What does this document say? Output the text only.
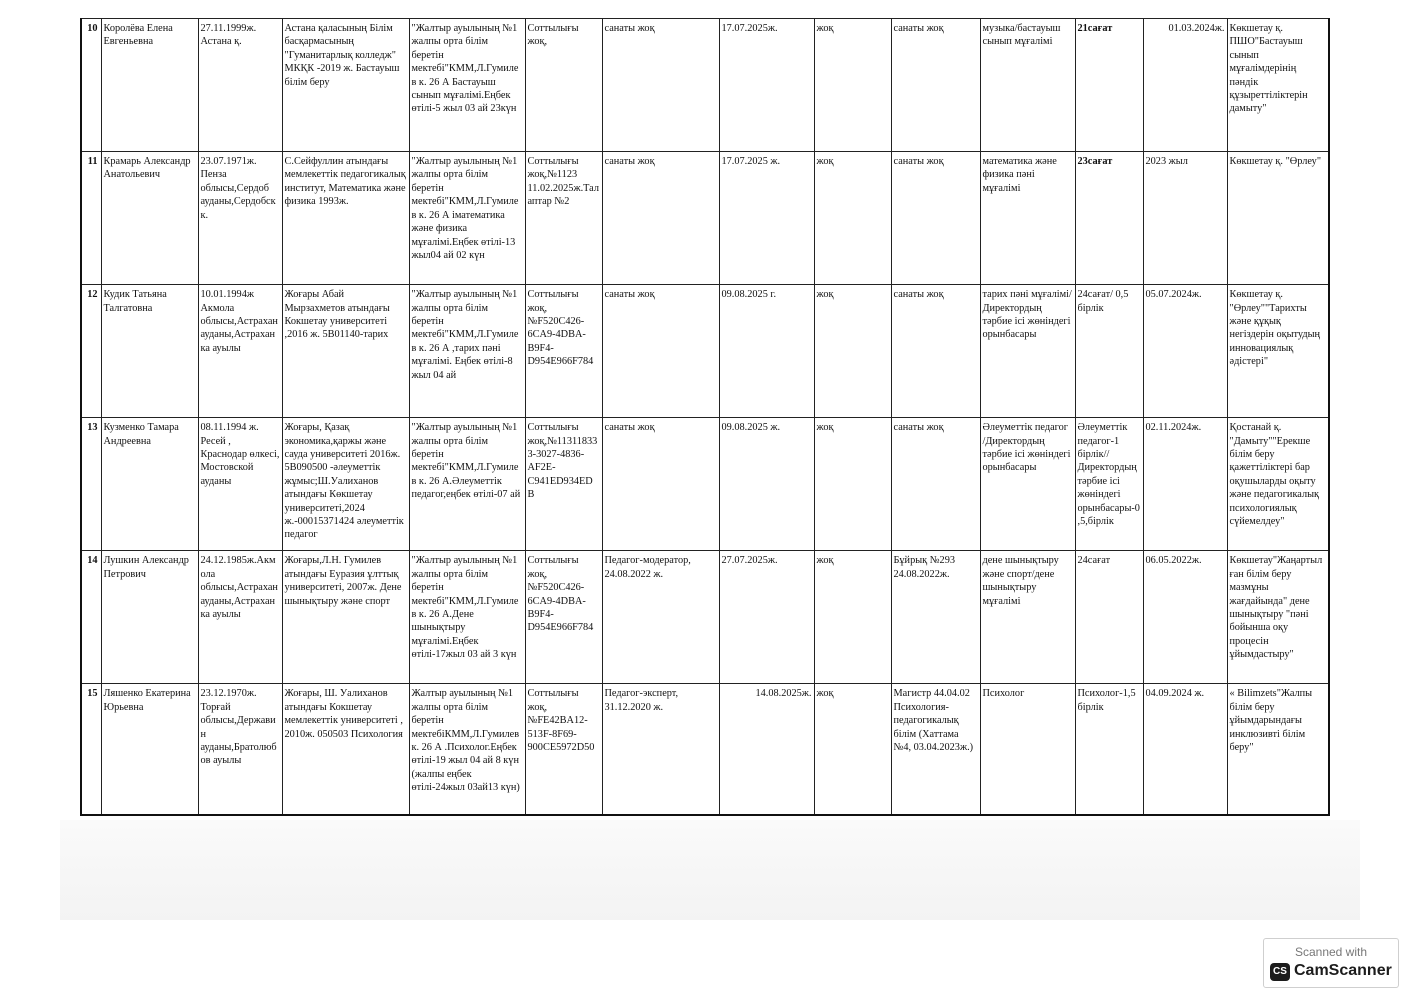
10	Королёва Елена Евгеньевна	27.11.1999ж. Астана қ.	Астана қаласының Білім басқармасының "Гуманитарлық колледж" МКҚК -2019 ж. Бастауыш білім беру	"Жалтыр ауылының №1 жалпы орта білім беретін мектебі"КММ,Л.Гумилев к. 26 А Бастауыш сынып мұғалімі.Еңбек өтілі-5 жыл 03 ай 23күн	Соттылығы жоқ,	санаты жоқ	17.07.2025ж.	жоқ	санаты жоқ	музыка/бастауыш сынып мұғалімі	21сағат	01.03.2024ж.	Көкшетау қ. ПШО"Бастауыш сынып мұғалімдерінің пәндік құзыреттіліктерін дамыту"
11	Крамарь Александр Анатольевич	23.07.1971ж. Пенза облысы,Сердоб ауданы,Сердобск к.	С.Сейфуллин атындағы мемлекеттік педагогикалық институт, Математика және физика 1993ж.	"Жалтыр ауылының №1 жалпы орта білім беретін мектебі"КММ,Л.Гумилев к. 26 А іматематика және физика мұғалімі.Еңбек өтілі-13 жыл04 ай 02 күн	Соттылығы жоқ,№1123 11.02.2025ж.Тал аптар №2	санаты жоқ	17.07.2025 ж.	жоқ	санаты жоқ	математика және физика пәні мұғалімі	23сағат	2023 жыл	Көкшетау қ. "Өрлеу"
12	Кудик Татьяна Талгатовна	10.01.1994ж Акмола облысы,Астрахан ауданы,Астрахан ка ауылы	Жоғары Абай Мырзахметов атындағы Кокшетау университеті ,2016 ж. 5В01140-тарих	"Жалтыр ауылының №1 жалпы орта білім беретін мектебі"КММ,Л.Гумилев к. 26 А ,тарих пәні мұғалімі. Еңбек өтілі-8 жыл 04 ай	Соттылығы жоқ,№F520C426-6CA9-4DBA-B9F4-D954E966F784	санаты жоқ	09.08.2025 г.	жоқ	санаты жоқ	тарих пәні мұғалімі/Директордың тәрбие ісі жөніндегі орынбасары	24сағат/ 0,5 бірлік	05.07.2024ж.	Көкшетау қ. "Өрлеу""Тарихты және құқық негіздерін оқытудың инновациялық әдістері"
13	Кузменко Тамара Андреевна	08.11.1994 ж. Ресей , Краснодар өлкесі, Мостовской ауданы	Жоғары, Қазақ экономика,қаржы және сауда университеті 2016ж. 5В090500 -әлеуметтік жұмыс;Ш.Уалиханов атындағы Көкшетау университеті,2024 ж.-00015371424 әлеуметтік педагог	"Жалтыр ауылының №1 жалпы орта білім беретін мектебі"КММ,Л.Гумилев к. 26 А.Әлеуметтік педагог,еңбек өтілі-07 ай	Соттылығы жоқ,№11311833 3-3027-4836-AF2E-C941ED934EDB	санаты жоқ	09.08.2025 ж.	жоқ	санаты жоқ	Әлеуметтік педагог /Директордың тәрбие ісі жөніндегі орынбасары	Әлеуметтік педагог-1 бірлік//Директордың тәрбие ісі жөніндегі орынбасары-0,5,бірлік	02.11.2024ж.	Қостанай қ. "Дамыту""Ерекше білім беру қажеттіліктері бар оқушыларды оқыту және педагогикалық психологиялық сүйемелдеу"
14	Лушкин Александр Петрович	24.12.1985ж.Акмола облысы,Астрахан ауданы,Астрахан ка ауылы	Жоғары,Л.Н. Гумилев атындағы Еуразия ұлттық университеті, 2007ж. Дене шынықтыру және спорт	"Жалтыр ауылының №1 жалпы орта білім беретін мектебі"КММ,Л.Гумилев к. 26 А.Дене шынықтыру мұғалімі.Еңбек өтілі-17жыл 03 ай 3 күн	Соттылығы жоқ,№F520C426-6CA9-4DBA-B9F4-D954E966F784	Педагог-модератор, 24.08.2022 ж.	27.07.2025ж.	жоқ	Бұйрық №293 24.08.2022ж.	дене шынықтыру және спорт/дене шынықтыру мұғалімі	24сағат	06.05.2022ж.	Көкшетау"Жаңартылған білім беру мазмұны жағдайында" дене шынықтыру "пәні бойынша оқу процесін ұйымдастыру"
15	Ляшенко Екатерина Юрьевна	23.12.1970ж. Торғай облысы,Державин ауданы,Братолюбов ауылы	Жоғары, Ш. Уалиханов атындағы Кокшетау мемлекеттік университеті , 2010ж. 050503 Психология	Жалтыр ауылының №1 жалпы орта білім беретін мектебіКММ,Л.Гумилев к. 26 А .Психолог.Еңбек өтілі-19 жыл 04 ай 8 күн (жалпы еңбек өтілі-24жыл 03ай13 күн)	Соттылығы жоқ,№FE42BA12-513F-8F69-900CE5972D50	Педагог-эксперт, 31.12.2020 ж.	14.08.2025ж.	жоқ	Магистр 44.04.02 Психология-педагогикалық білім (Хаттама №4, 03.04.2023ж.)	Психолог	Психолог-1,5 бірлік	04.09.2024 ж.	« Bilimzets"Жалпы білім беру ұйымдарындағы инклюзивті білім беру"
Scanned with
CS CamScanner
